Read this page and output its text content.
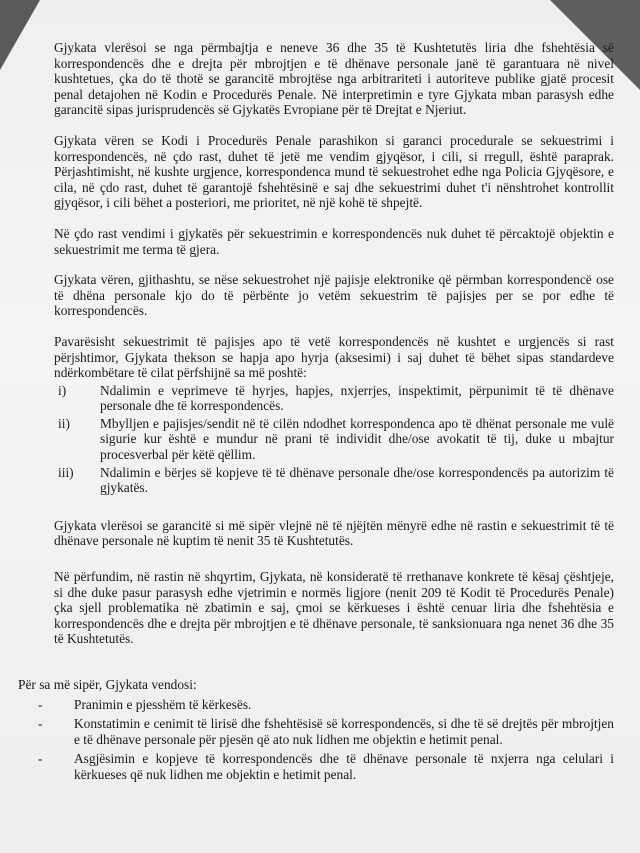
Gjykata vlerësoi se nga përmbajtja e neneve 36 dhe 35 të Kushtetutës liria dhe fshehtësia së korrespondencës dhe e drejta për mbrojtjen e të dhënave personale janë të garantuara në nivel kushtetues, çka do të thotë se garancitë mbrojtëse nga arbitrariteti i autoriteve publike gjatë procesit penal detajohen në Kodin e Procedurës Penale. Në interpretimin e tyre Gjykata mban parasysh edhe garancitë sipas jurisprudencës së Gjykatës Evropiane për të Drejtat e Njeriut.

Gjykata vëren se Kodi i Procedurës Penale parashikon si garanci procedurale se sekuestrimi i korrespondencës, në çdo rast, duhet të jetë me vendim gjyqësor, i cili, si rregull, është paraprak. Përjashtimisht, në kushte urgjence, korrespondenca mund të sekuestrohet edhe nga Policia Gjyqësore, e cila, në çdo rast, duhet të garantojë fshehtësinë e saj dhe sekuestrimi duhet t'i nënshtrohet kontrollit gjyqësor, i cili bëhet a posteriori, me prioritet, në një kohë të shpejtë.

Në çdo rast vendimi i gjykatës për sekuestrimin e korrespondencës nuk duhet të përcaktojë objektin e sekuestrimit me terma të gjera.

Gjykata vëren, gjithashtu, se nëse sekuestrohet një pajisje elektronike që përmban korrespondencë ose të dhëna personale kjo do të përbënte jo vetëm sekuestrim të pajisjes per se por edhe të korrespondencës.

Pavarësisht sekuestrimit të pajisjes apo të vetë korrespondencës në kushtet e urgjencës si rast përjshtimor, Gjykata thekson se hapja apo hyrja (aksesimi) i saj duhet të bëhet sipas standardeve ndërkombëtare të cilat përfshijnë sa më poshtë:

i)	Ndalimin e veprimeve të hyrjes, hapjes, nxjerrjes, inspektimit, përpunimit të të dhënave personale dhe të korrespondencës.
ii) Mbylljen e pajisjes/sendit në të cilën ndodhet korrespondenca apo të dhënat personale me vulë sigurie kur është e mundur në prani të individit dhe/ose avokatit të tij, duke u mbajtur procesverbal për këtë qëllim.
iii) Ndalimin e bërjes së kopjeve të të dhënave personale dhe/ose korrespondencës pa autorizim të gjykatës.

Gjykata vlerësoi se garancitë si më sipër vlejnë në të njëjtën mënyrë edhe në rastin e sekuestrimit të të dhënave personale në kuptim të nenit 35 të Kushtetutës.

Në përfundim, në rastin në shqyrtim, Gjykata, në konsideratë të rrethanave konkrete të kësaj çështjeje, si dhe duke pasur parasysh edhe vjetrimin e normës ligjore (nenit 209 të Kodit të Procedurës Penale) çka sjell problematika në zbatimin e saj, çmoi se kërkueses i është cenuar liria dhe fshehtësia e korrespondencës dhe e drejta për mbrojtjen e të dhënave personale, të sanksionuara nga nenet 36 dhe 35 të Kushtetutës.

Për sa më sipër, Gjykata vendosi:

- Pranimin e pjesshëm të kërkesës.
- Konstatimin e cenimit të lirisë dhe fshehtësisë së korrespondencës, si dhe të së drejtës për mbrojtjen e të dhënave personale për pjesën që ato nuk lidhen me objektin e hetimit penal.
- Asgjësimin e kopjeve të korrespondencës dhe të dhënave personale të nxjerra nga celulari i kërkueses që nuk lidhen me objektin e hetimit penal.
